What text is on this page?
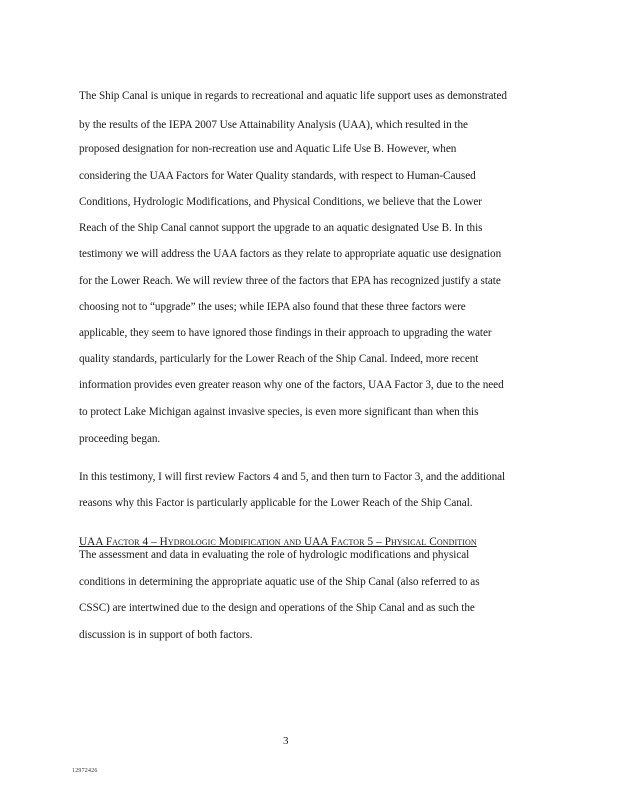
The Ship Canal is unique in regards to recreational and aquatic life support uses as demonstrated
by the results of the IEPA 2007 Use Attainability Analysis (UAA), which resulted in the
proposed designation for non-recreation use and Aquatic Life Use B. However, when
considering the UAA Factors for Water Quality standards, with respect to Human-Caused
Conditions, Hydrologic Modifications, and Physical Conditions, we believe that the Lower
Reach of the Ship Canal cannot support the upgrade to an aquatic designated Use B. In this
testimony we will address the UAA factors as they relate to appropriate aquatic use designation
for the Lower Reach. We will review three of the factors that EPA has recognized justify a state
choosing not to “upgrade” the uses; while IEPA also found that these three factors were
applicable, they seem to have ignored those findings in their approach to upgrading the water
quality standards, particularly for the Lower Reach of the Ship Canal. Indeed, more recent
information provides even greater reason why one of the factors, UAA Factor 3, due to the need
to protect Lake Michigan against invasive species, is even more significant than when this
proceeding began.
In this testimony, I will first review Factors 4 and 5, and then turn to Factor 3, and the additional
reasons why this Factor is particularly applicable for the Lower Reach of the Ship Canal.
UAA Factor 4 – Hydrologic Modification and UAA Factor 5 – Physical Condition
The assessment and data in evaluating the role of hydrologic modifications and physical
conditions in determining the appropriate aquatic use of the Ship Canal (also referred to as
CSSC) are intertwined due to the design and operations of the Ship Canal and as such the
discussion is in support of both factors.
3
12972426
